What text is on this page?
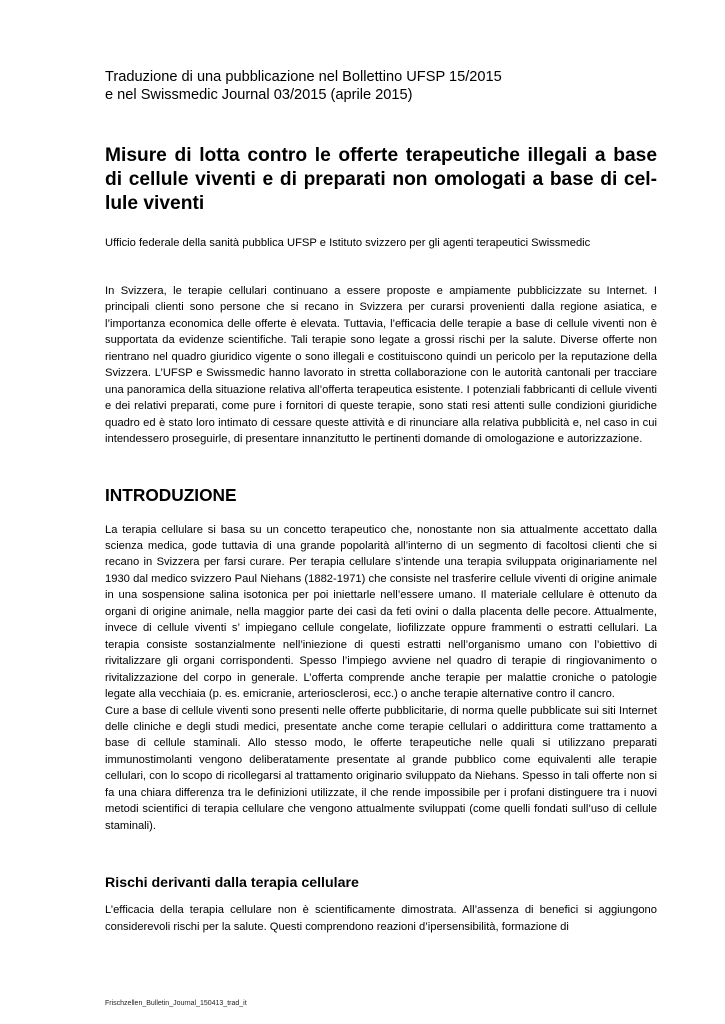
Traduzione di una pubblicazione nel Bollettino UFSP 15/2015

e nel Swissmedic Journal 03/2015 (aprile 2015)

Misure di lotta contro le offerte terapeutiche illegali a base di cellule viventi e di preparati non omologati a base di cellule viventi

Ufficio federale della sanità pubblica UFSP e Istituto svizzero per gli agenti terapeutici Swissmedic

In Svizzera, le terapie cellulari continuano a essere proposte e ampiamente pubblicizzate su Internet. I principali clienti sono persone che si recano in Svizzera per curarsi provenienti dalla regione asiatica, e l’importanza economica delle offerte è elevata. Tuttavia, l’efficacia delle terapie a base di cellule viventi non è supportata da evidenze scientifiche. Tali terapie sono legate a grossi rischi per la salute. Diverse offerte non rientrano nel quadro giuridico vigente o sono illegali e costituiscono quindi un pericolo per la reputazione della Svizzera. L’UFSP e Swissmedic hanno lavorato in stretta collaborazione con le autorità cantonali per tracciare una panoramica della situazione relativa all’offerta terapeutica esistente. I potenziali fabbricanti di cellule viventi e dei relativi preparati, come pure i fornitori di queste terapie, sono stati resi attenti sulle condizioni giuridiche quadro ed è stato loro intimato di cessare queste attività e di rinunciare alla relativa pubblicità e, nel caso in cui intendessero proseguirle, di presentare innanzitutto le pertinenti domande di omologazione e autorizzazione.

INTRODUZIONE

La terapia cellulare si basa su un concetto terapeutico che, nonostante non sia attualmente accettato dalla scienza medica, gode tuttavia di una grande popolarità all’interno di un segmento di facoltosi clienti che si recano in Svizzera per farsi curare. Per terapia cellulare s’intende una terapia sviluppata originariamente nel 1930 dal medico svizzero Paul Niehans (1882-1971) che consiste nel trasferire cellule viventi di origine animale in una sospensione salina isotonica per poi iniettarle nell’essere umano. Il materiale cellulare è ottenuto da organi di origine animale, nella maggior parte dei casi da feti ovini o dalla placenta delle pecore. Attualmente, invece di cellule viventi s’ impiegano cellule congelate, liofilizzate oppure frammenti o estratti cellulari. La terapia consiste sostanzialmente nell’iniezione di questi estratti nell’organismo umano con l’obiettivo di rivitalizzare gli organi corrispondenti. Spesso l’impiego avviene nel quadro di terapie di ringiovanimento o rivitalizzazione del corpo in generale. L’offerta comprende anche terapie per malattie croniche o patologie legate alla vecchiaia (p. es. emicranie, arteriosclerosi, ecc.) o anche terapie alternative contro il cancro.

Cure a base di cellule viventi sono presenti nelle offerte pubblicitarie, di norma quelle pubblicate sui siti Internet delle cliniche e degli studi medici, presentate anche come terapie cellulari o addirittura come trattamento a base di cellule staminali. Allo stesso modo, le offerte terapeutiche nelle quali si utilizzano preparati immunostimolanti vengono deliberatamente presentate al grande pubblico come equivalenti alle terapie cellulari, con lo scopo di ricollegarsi al trattamento originario sviluppato da Niehans. Spesso in tali offerte non si fa una chiara differenza tra le definizioni utilizzate, il che rende impossibile per i profani distinguere tra i nuovi metodi scientifici di terapia cellulare che vengono attualmente sviluppati (come quelli fondati sull’uso di cellule staminali).

Rischi derivanti dalla terapia cellulare

L’efficacia della terapia cellulare non è scientificamente dimostrata. All’assenza di benefici si aggiungono considerevoli rischi per la salute. Questi comprendono reazioni d’ipersensibilità, formazione di

Frischzellen_Bulletin_Journal_150413_trad_it
